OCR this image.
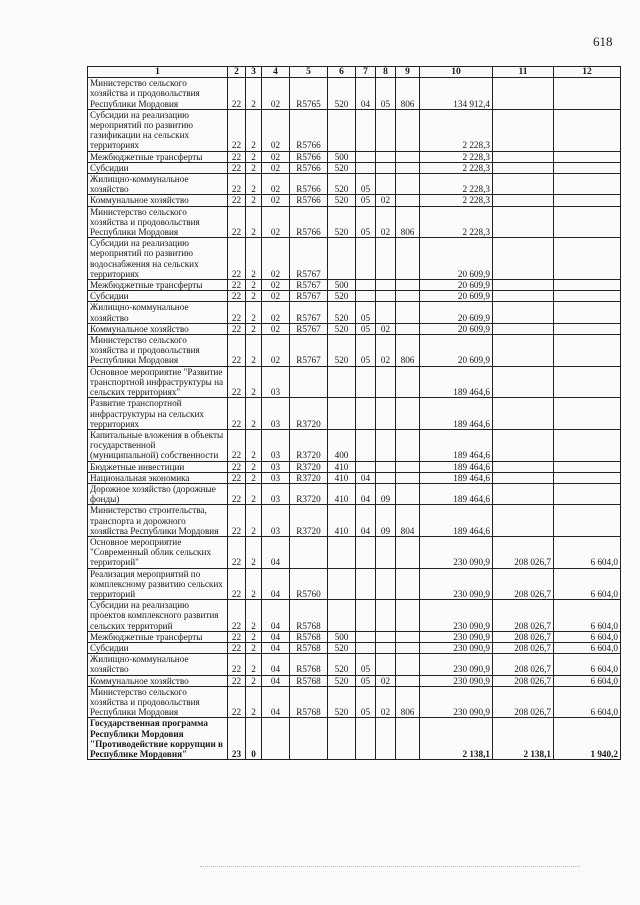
618
1	2	3	4	5	6	7	8	9	10	11	12
Министерство сельского хозяйства и продовольствия Республики Мордовия	22	2	02	R5765	520	04	05	806	134 912,4		
Субсидии на реализацию мероприятий по развитию газификации на сельских территориях	22	2	02	R5766					2 228,3		
Межбюджетные трансферты	22	2	02	R5766	500				2 228,3		
Субсидии	22	2	02	R5766	520				2 228,3		
Жилищно-коммунальное хозяйство	22	2	02	R5766	520	05			2 228,3		
Коммунальное хозяйство	22	2	02	R5766	520	05	02		2 228,3		
Министерство сельского хозяйства и продовольствия Республики Мордовия	22	2	02	R5766	520	05	02	806	2 228,3		
Субсидии на реализацию мероприятий по развитию водоснабжения на сельских территориях	22	2	02	R5767					20 609,9		
Межбюджетные трансферты	22	2	02	R5767	500				20 609,9		
Субсидии	22	2	02	R5767	520				20 609,9		
Жилищно-коммунальное хозяйство	22	2	02	R5767	520	05			20 609,9		
Коммунальное хозяйство	22	2	02	R5767	520	05	02		20 609,9		
Министерство сельского хозяйства и продовольствия Республики Мордовия	22	2	02	R5767	520	05	02	806	20 609,9		
Основное мероприятие "Развитие транспортной инфраструктуры на сельских территориях"	22	2	03						189 464,6		
Развитие транспортной инфраструктуры на сельских территориях	22	2	03	R3720					189 464,6		
Капитальные вложения в объекты государственной (муниципальной) собственности	22	2	03	R3720	400				189 464,6		
Бюджетные инвестиции	22	2	03	R3720	410				189 464,6		
Национальная экономика	22	2	03	R3720	410	04			189 464,6		
Дорожное хозяйство (дорожные фонды)	22	2	03	R3720	410	04	09		189 464,6		
Министерство строительства, транспорта и дорожного хозяйства Республики Мордовия	22	2	03	R3720	410	04	09	804	189 464,6		
Основное мероприятие "Современный облик сельских территорий"	22	2	04						230 090,9	208 026,7	6 604,0
Реализация мероприятий по комплексному развитию сельских территорий	22	2	04	R5760					230 090,9	208 026,7	6 604,0
Субсидии на реализацию проектов комплексного развития сельских территорий	22	2	04	R5768					230 090,9	208 026,7	6 604,0
Межбюджетные трансферты	22	2	04	R5768	500				230 090,9	208 026,7	6 604,0
Субсидии	22	2	04	R5768	520				230 090,9	208 026,7	6 604,0
Жилищно-коммунальное хозяйство	22	2	04	R5768	520	05			230 090,9	208 026,7	6 604,0
Коммунальное хозяйство	22	2	04	R5768	520	05	02		230 090,9	208 026,7	6 604,0
Министерство сельского хозяйства и продовольствия Республики Мордовия	22	2	04	R5768	520	05	02	806	230 090,9	208 026,7	6 604,0
Государственная программа Республики Мордовия "Противодействие коррупции в Республике Мордовия"	23	0							2 138,1	2 138,1	1 940,2
